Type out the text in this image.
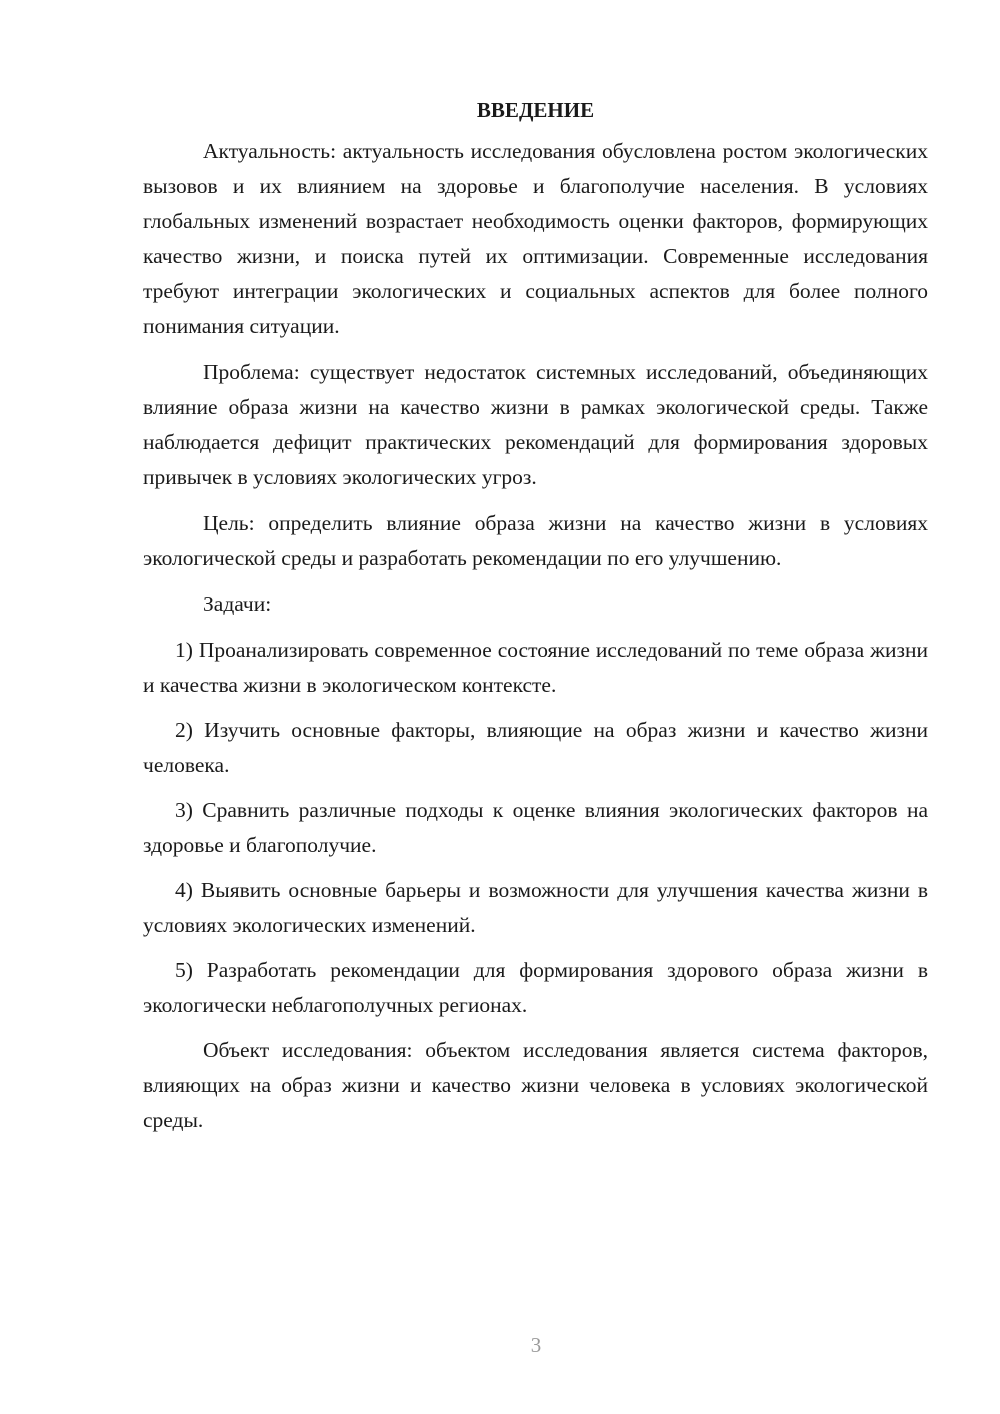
ВВЕДЕНИЕ

Актуальность: актуальность исследования обусловлена ростом экологических вызовов и их влиянием на здоровье и благополучие населения. В условиях глобальных изменений возрастает необходимость оценки факторов, формирующих качество жизни, и поиска путей их оптимизации. Современные исследования требуют интеграции экологических и социальных аспектов для более полного понимания ситуации.

Проблема: существует недостаток системных исследований, объединяющих влияние образа жизни на качество жизни в рамках экологической среды. Также наблюдается дефицит практических рекомендаций для формирования здоровых привычек в условиях экологических угроз.

Цель: определить влияние образа жизни на качество жизни в условиях экологической среды и разработать рекомендации по его улучшению.

Задачи:

1) Проанализировать современное состояние исследований по теме образа жизни и качества жизни в экологическом контексте.

2) Изучить основные факторы, влияющие на образ жизни и качество жизни человека.

3) Сравнить различные подходы к оценке влияния экологических факторов на здоровье и благополучие.

4) Выявить основные барьеры и возможности для улучшения качества жизни в условиях экологических изменений.

5) Разработать рекомендации для формирования здорового образа жизни в экологически неблагополучных регионах.

Объект исследования: объектом исследования является система факторов, влияющих на образ жизни и качество жизни человека в условиях экологической среды.

3
